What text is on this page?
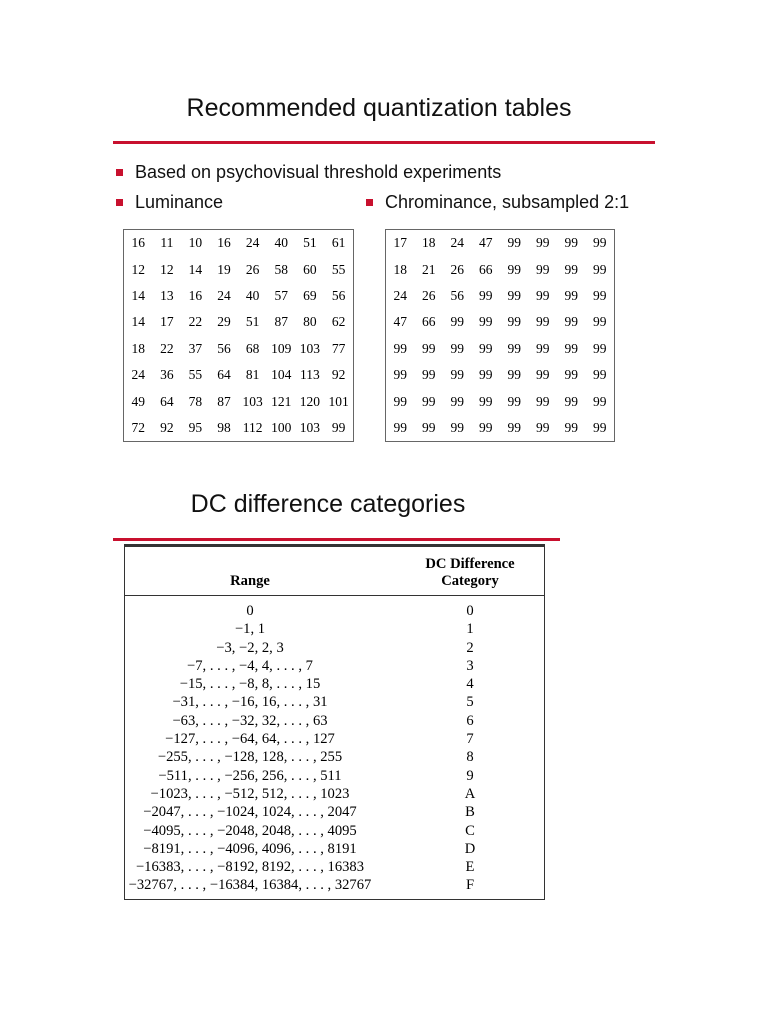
Recommended quantization tables
Based on psychovisual threshold experiments
Luminance	Chrominance, subsampled 2:1
16	11	10	16	24	40	51	61
12	12	14	19	26	58	60	55
14	13	16	24	40	57	69	56
14	17	22	29	51	87	80	62
18	22	37	56	68	109	103	77
24	36	55	64	81	104	113	92
49	64	78	87	103	121	120	101
72	92	95	98	112	100	103	99
17	18	24	47	99	99	99	99
18	21	26	66	99	99	99	99
24	26	56	99	99	99	99	99
47	66	99	99	99	99	99	99
99	99	99	99	99	99	99	99
99	99	99	99	99	99	99	99
99	99	99	99	99	99	99	99
99	99	99	99	99	99	99	99
DC difference categories
Range
DC Difference
Category
0	0
−1, 1	1
−3, −2, 2, 3	2
−7, . . . , −4, 4, . . . , 7	3
−15, . . . , −8, 8, . . . , 15	4
−31, . . . , −16, 16, . . . , 31	5
−63, . . . , −32, 32, . . . , 63	6
−127, . . . , −64, 64, . . . , 127	7
−255, . . . , −128, 128, . . . , 255	8
−511, . . . , −256, 256, . . . , 511	9
−1023, . . . , −512, 512, . . . , 1023	A
−2047, . . . , −1024, 1024, . . . , 2047	B
−4095, . . . , −2048, 2048, . . . , 4095	C
−8191, . . . , −4096, 4096, . . . , 8191	D
−16383, . . . , −8192, 8192, . . . , 16383	E
−32767, . . . , −16384, 16384, . . . , 32767	F
